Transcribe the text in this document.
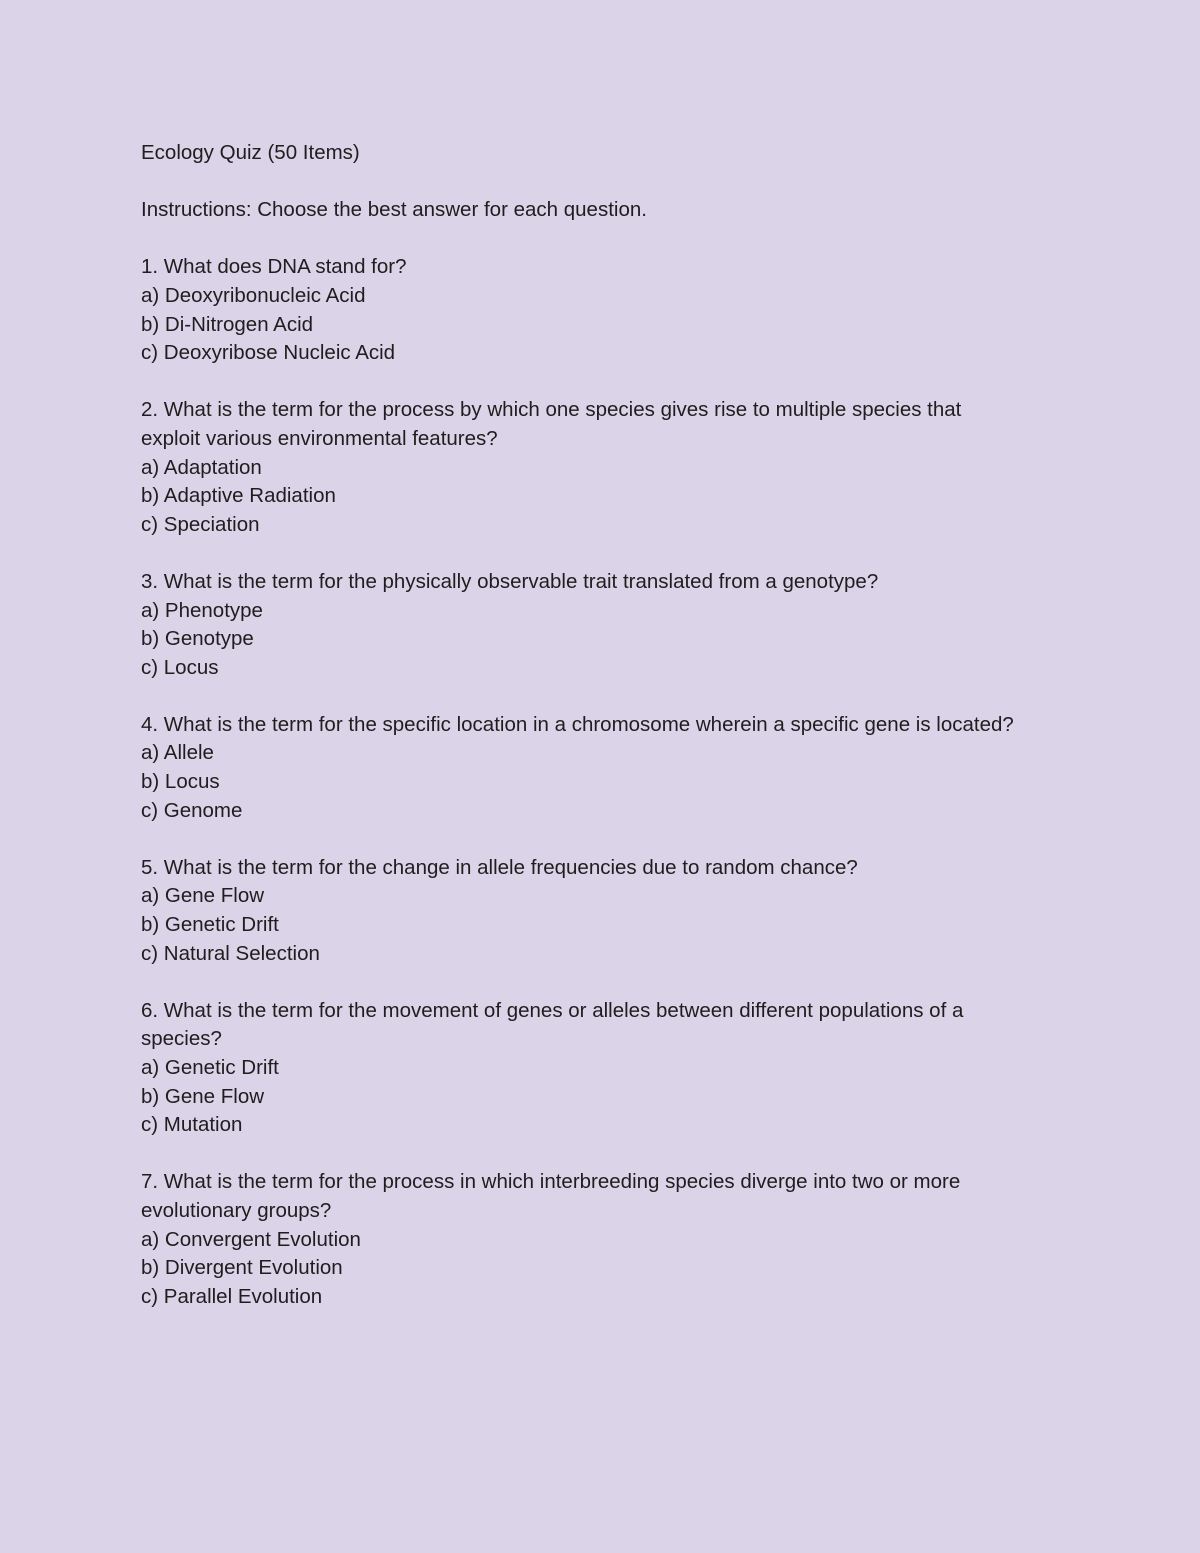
Ecology Quiz (50 Items)
Instructions: Choose the best answer for each question.
1. What does DNA stand for?
a) Deoxyribonucleic Acid
b) Di-Nitrogen Acid
c) Deoxyribose Nucleic Acid
2. What is the term for the process by which one species gives rise to multiple species that exploit various environmental features?
a) Adaptation
b) Adaptive Radiation
c) Speciation
3. What is the term for the physically observable trait translated from a genotype?
a) Phenotype
b) Genotype
c) Locus
4. What is the term for the specific location in a chromosome wherein a specific gene is located?
a) Allele
b) Locus
c) Genome
5. What is the term for the change in allele frequencies due to random chance?
a) Gene Flow
b) Genetic Drift
c) Natural Selection
6. What is the term for the movement of genes or alleles between different populations of a species?
a) Genetic Drift
b) Gene Flow
c) Mutation
7. What is the term for the process in which interbreeding species diverge into two or more evolutionary groups?
a) Convergent Evolution
b) Divergent Evolution
c) Parallel Evolution
